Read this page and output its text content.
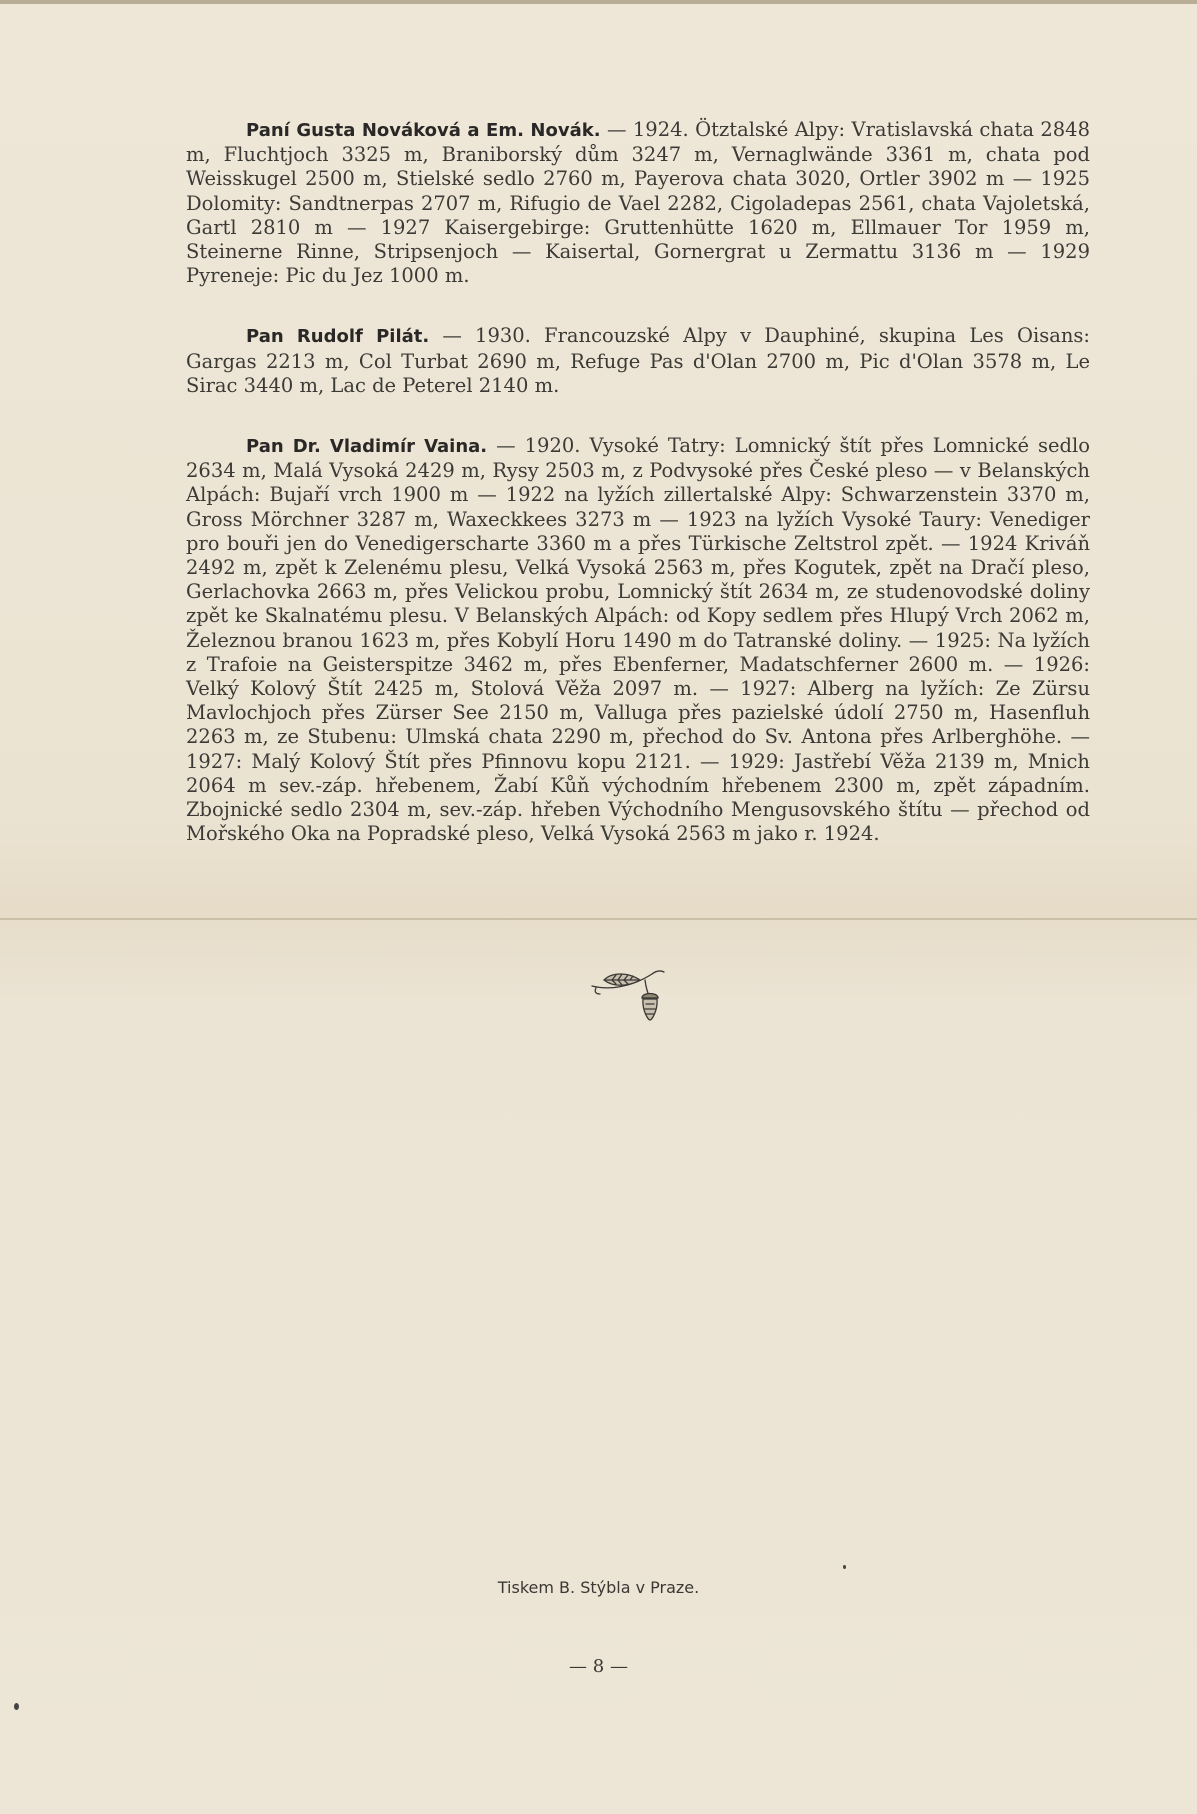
Paní Gusta Nováková a Em. Novák. — 1924. Ötztalské Alpy: Vratislavská chata 2848 m, Fluchtjoch 3325 m, Braniborský dům 3247 m, Vernaglwände 3361 m, chata pod Weisskugel 2500 m, Stielské sedlo 2760 m, Payerova chata 3020, Ortler 3902 m — 1925 Dolomity: Sandtnerpas 2707 m, Rifugio de Vael 2282, Cigoladepas 2561, chata Vajoletská, Gartl 2810 m — 1927 Kaisergebirge: Gruttenhütte 1620 m, Ellmauer Tor 1959 m, Steinerne Rinne, Stripsenjoch — Kaisertal, Gornergrat u Zermattu 3136 m — 1929 Pyreneje: Pic du Jez 1000 m.

Pan Rudolf Pilát. — 1930. Francouzské Alpy v Dauphiné, skupina Les Oisans: Gargas 2213 m, Col Turbat 2690 m, Refuge Pas d'Olan 2700 m, Pic d'Olan 3578 m, Le Sirac 3440 m, Lac de Peterel 2140 m.

Pan Dr. Vladimír Vaina. — 1920. Vysoké Tatry: Lomnický štít přes Lomnické sedlo 2634 m, Malá Vysoká 2429 m, Rysy 2503 m, z Podvysoké přes České pleso — v Belanských Alpách: Bujaří vrch 1900 m — 1922 na lyžích zillertalské Alpy: Schwarzenstein 3370 m, Gross Mörchner 3287 m, Waxeckkees 3273 m — 1923 na lyžích Vysoké Taury: Venediger pro bouři jen do Venedigerscharte 3360 m a přes Türkische Zeltstrol zpět. — 1924 Kriváň 2492 m, zpět k Zelenému plesu, Velká Vysoká 2563 m, přes Kogutek, zpět na Dračí pleso, Gerlachovka 2663 m, přes Velickou probu, Lomnický štít 2634 m, ze studenovodské doliny zpět ke Skalnatému plesu. V Belanských Alpách: od Kopy sedlem přes Hlupý Vrch 2062 m, Železnou branou 1623 m, přes Kobylí Horu 1490 m do Tatranské doliny. — 1925: Na lyžích z Trafoie na Geisterspitze 3462 m, přes Ebenferner, Madatschferner 2600 m. — 1926: Velký Kolový Štít 2425 m, Stolová Věža 2097 m. — 1927: Alberg na lyžích: Ze Zürsu Mavlochjoch přes Zürser See 2150 m, Valluga přes pazielské údolí 2750 m, Hasenfluh 2263 m, ze Stubenu: Ulmská chata 2290 m, přechod do Sv. Antona přes Arlberghöhe. — 1927: Malý Kolový Štít přes Pfinnovu kopu 2121. — 1929: Jastřebí Věža 2139 m, Mnich 2064 m sev.-záp. hřebenem, Žabí Kůň východním hřebenem 2300 m, zpět západním. Zbojnické sedlo 2304 m, sev.-záp. hřeben Východního Mengusovského štítu — přechod od Mořského Oka na Popradské pleso, Velká Vysoká 2563 m jako r. 1924.

Tiskem B. Stýbla v Praze.
— 8 —
